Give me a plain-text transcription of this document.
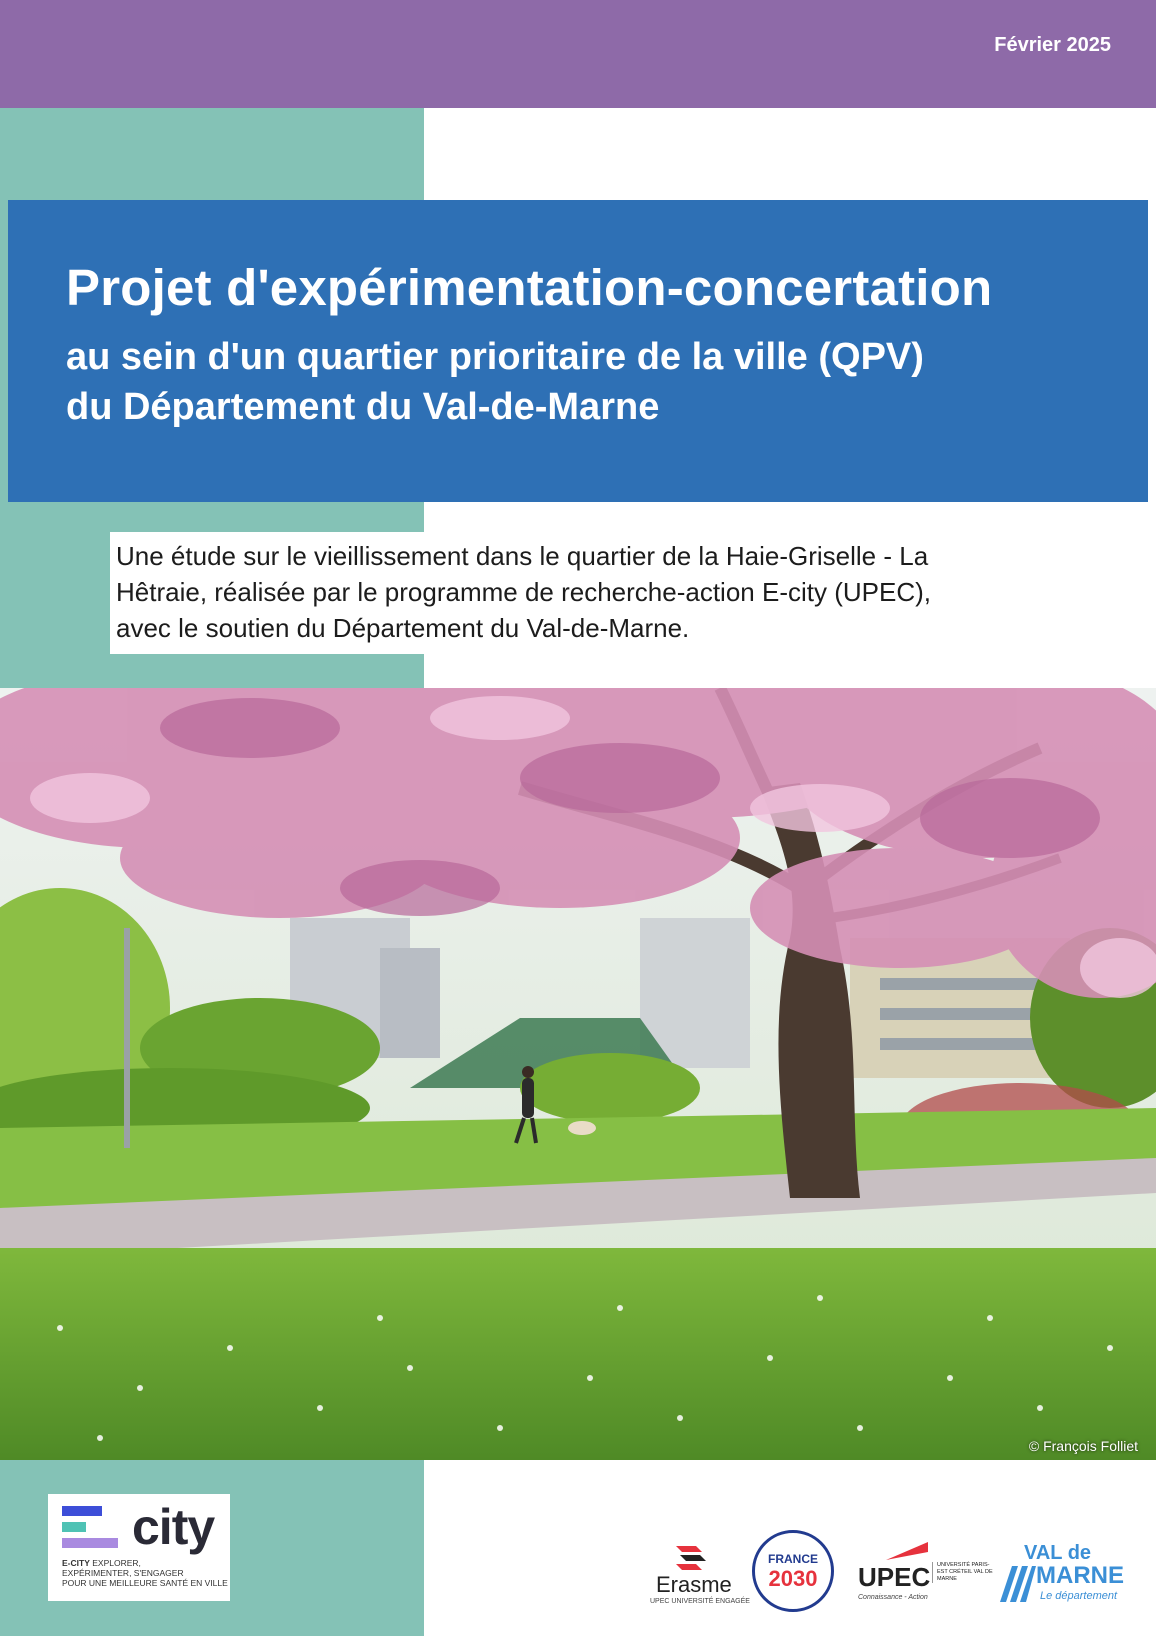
Février 2025
Projet d'expérimentation-concertation
au sein d'un quartier prioritaire de la ville (QPV)
du Département du Val-de-Marne
Une étude sur le vieillissement dans le quartier de la Haie-Griselle - La
Hêtraie, réalisée par le programme de recherche-action E-city (UPEC),
avec le soutien du Département du Val-de-Marne.
© François Folliet
city
E-CITY EXPLORER,
EXPÉRIMENTER, S'ENGAGER
POUR UNE MEILLEURE SANTÉ EN VILLE	Erasme
UPEC UNIVERSITÉ ENGAGÉE
FRANCE
2030	UPEC
Connaissance - Action
UNIVERSITÉ PARIS-EST CRÉTEIL VAL DE MARNE
VAL de
MARNE
Le département
